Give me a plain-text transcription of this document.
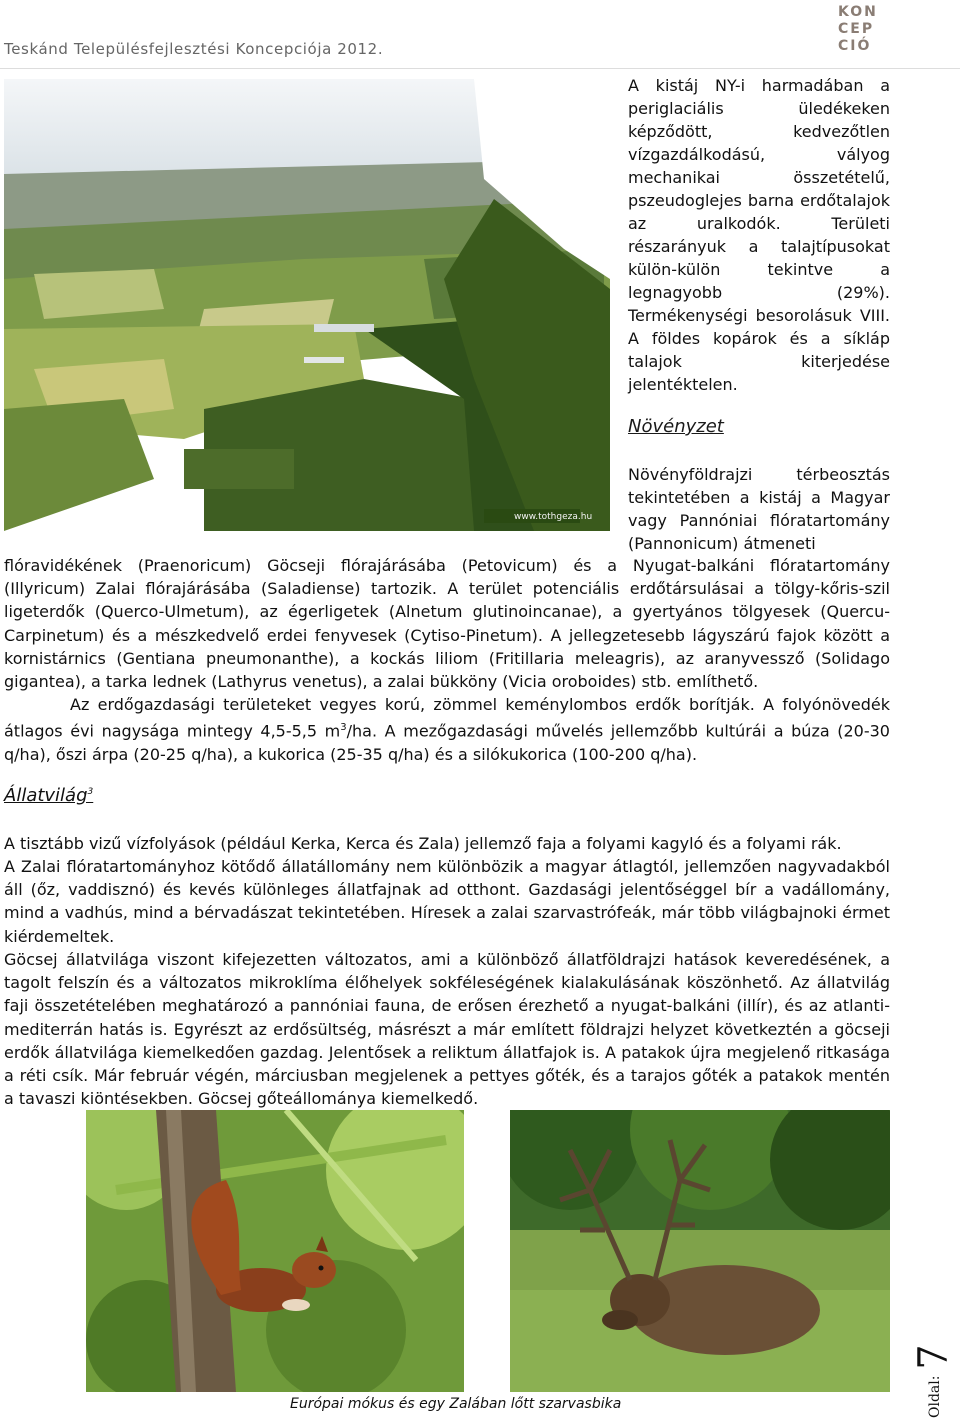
Teskánd Településfejlesztési Koncepciója 2012.
KON
CEP
CIÓ
www.tothgeza.hu
A kistáj NY-i harmadában a periglaciális üledékeken képződött, kedvezőtlen vízgazdálkodású, vályog mechanikai összetételű, pszeudoglejes barna erdőtalajok az uralkodók. Területi részarányuk a talajtípusokat külön-külön tekintve a legnagyobb (29%). Termékenységi besorolásuk VIII. A földes kopárok és a síkláp talajok kiterjedése jelentéktelen.
Növényzet
Növényföldrajzi térbeosztás tekintetében a kistáj a Magyar vagy Pannóniai flóratartomány (Pannonicum) átmeneti
flóravidékének (Praenoricum) Göcseji flórajárásába (Petovicum) és a Nyugat-balkáni flóratartomány (Illyricum) Zalai flórajárásába (Saladiense) tartozik. A terület potenciális erdőtársulásai a tölgy-kőris-szil ligeterdők (Querco-Ulmetum), az égerligetek (Alnetum glutinoincanae), a gyertyános tölgyesek (Quercu-Carpinetum) és a mészkedvelő erdei fenyvesek (Cytiso-Pinetum). A jellegzetesebb lágyszárú fajok között a kornistárnics (Gentiana pneumonanthe), a kockás liliom (Fritillaria meleagris), az aranyvessző (Solidago gigantea), a tarka lednek (Lathyrus venetus), a zalai bükköny (Vicia oroboides) stb. említhető.
Az erdőgazdasági területeket vegyes korú, zömmel keménylombos erdők borítják. A folyónövedék átlagos évi nagysága mintegy 4,5-5,5 $m^3/ha$. A mezőgazdasági művelés jellemzőbb kultúrái a búza (20-30 q/ha), őszi árpa (20-25 q/ha), a kukorica (25-35 q/ha) és a silókukorica (100-200 q/ha).
Állatvilág$^3$
A tisztább vizű vízfolyások (például Kerka, Kerca és Zala) jellemző faja a folyami kagyló és a folyami rák.
A Zalai flóratartományhoz kötődő állatállomány nem különbözik a magyar átlagtól, jellemzően nagyvadakból áll (őz, vaddisznó) és kevés különleges állatfajnak ad otthont. Gazdasági jelentőséggel bír a vadállomány, mind a vadhús, mind a bérvadászat tekintetében. Híresek a zalai szarvastrófeák, már több világbajnoki érmet kiérdemeltek.
Göcsej állatvilága viszont kifejezetten változatos, ami a különböző állatföldrajzi hatások keveredésének, a tagolt felszín és a változatos mikroklíma élőhelyek sokféleségének kialakulásának köszönhető. Az állatvilág faji összetételében meghatározó a pannóniai fauna, de erősen érezhető a nyugat-balkáni (illír), és az atlanti-mediterrán hatás is. Egyrészt az erdősültség, másrészt a már említett földrajzi helyzet következtén a göcseji erdők állatvilága kiemelkedően gazdag. Jelentősek a reliktum állatfajok is. A patakok újra megjelenő ritkasága a réti csík. Már február végén, márciusban megjelenek a pettyes gőték, és a tarajos gőték a patakok mentén a tavaszi kiöntésekben. Göcsej gőteállománya kiemelkedő.
Európai mókus és egy Zalában lőtt szarvasbika
7
Oldal:
